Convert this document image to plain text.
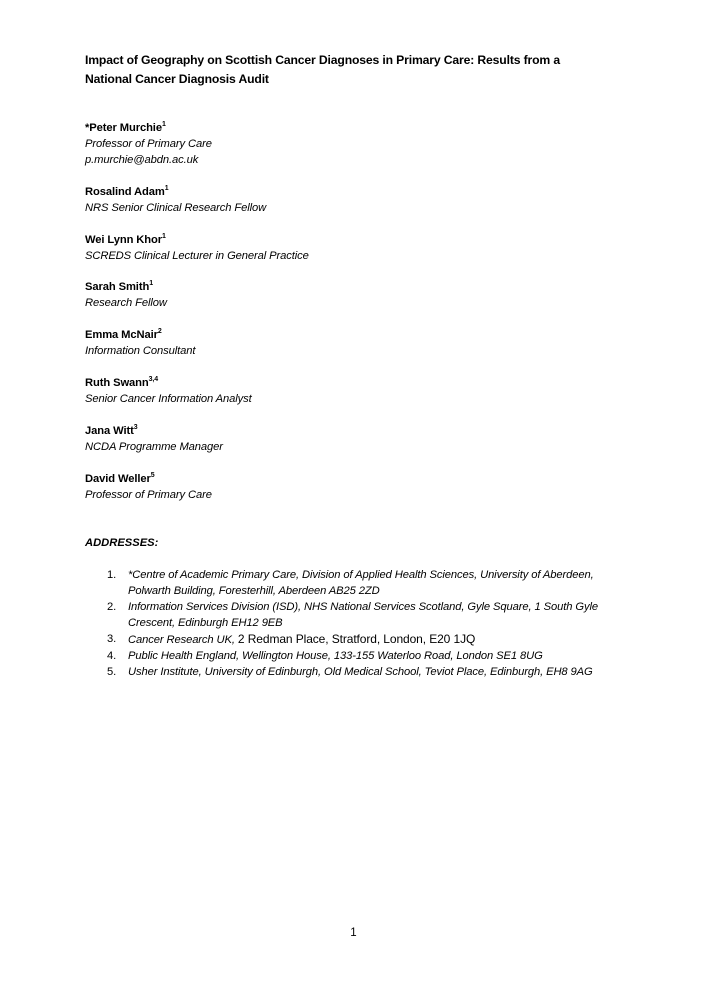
Impact of Geography on Scottish Cancer Diagnoses in Primary Care: Results from a National Cancer Diagnosis Audit
*Peter Murchie$^1$
Professor of Primary Care
p.murchie@abdn.ac.uk
Rosalind Adam$^1$
NRS Senior Clinical Research Fellow
Wei Lynn Khor$^1$
SCREDS Clinical Lecturer in General Practice
Sarah Smith$^1$
Research Fellow
Emma McNair$^2$
Information Consultant
Ruth Swann$^{3,4}$
Senior Cancer Information Analyst
Jana Witt$^3$
NCDA Programme Manager
David Weller$^5$
Professor of Primary Care
ADDRESSES:
1. *Centre of Academic Primary Care, Division of Applied Health Sciences, University of Aberdeen, Polwarth Building, Foresterhill, Aberdeen AB25 2ZD
2. Information Services Division (ISD), NHS National Services Scotland, Gyle Square, 1 South Gyle Crescent, Edinburgh EH12 9EB
3. Cancer Research UK, 2 Redman Place, Stratford, London, E20 1JQ
4. Public Health England, Wellington House, 133-155 Waterloo Road, London SE1 8UG
5. Usher Institute, University of Edinburgh, Old Medical School, Teviot Place, Edinburgh, EH8 9AG
1
